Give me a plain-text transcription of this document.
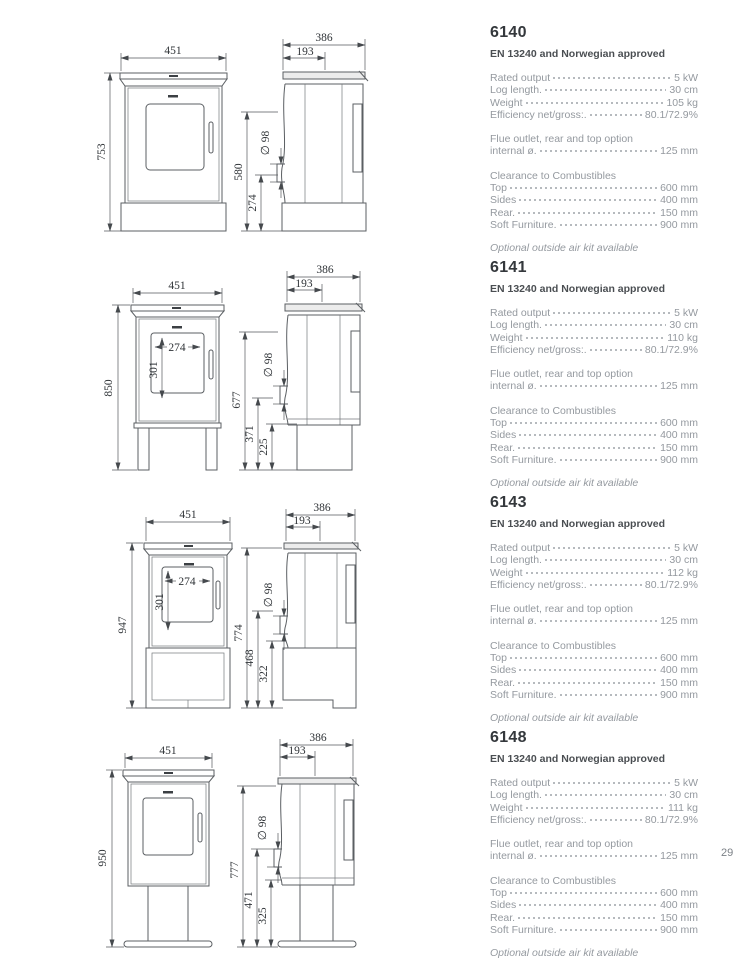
451
753
386
193
∅ 98
580
274
451
850
274
301
386
193
∅ 98
677
371
225
451
947
274
301
386
193
∅ 98
774
468
322
451
950
386
193
∅ 98
777
471
325
6140
EN 13240 and Norwegian approved
Rated output	5 kW
Log length.	30 cm
Weight	105 kg
Efficiency net/gross:.	80.1/72.9%
Flue outlet, rear and top option
internal ø.	125 mm
Clearance to Combustibles
Top	600 mm
Sides	400 mm
Rear.	150 mm
Soft Furniture.	900 mm
Optional outside air kit available
6141
EN 13240 and Norwegian approved
Rated output	5 kW
Log length.	30 cm
Weight	110 kg
Efficiency net/gross:.	80.1/72.9%
Flue outlet, rear and top option
internal ø.	125 mm
Clearance to Combustibles
Top	600 mm
Sides	400 mm
Rear.	150 mm
Soft Furniture.	900 mm
Optional outside air kit available
6143
EN 13240 and Norwegian approved
Rated output	5 kW
Log length.	30 cm
Weight	112 kg
Efficiency net/gross:.	80.1/72.9%
Flue outlet, rear and top option
internal ø.	125 mm
Clearance to Combustibles
Top	600 mm
Sides	400 mm
Rear.	150 mm
Soft Furniture.	900 mm
Optional outside air kit available
6148
EN 13240 and Norwegian approved
Rated output	5 kW
Log length.	30 cm
Weight	111 kg
Efficiency net/gross:.	80.1/72.9%
Flue outlet, rear and top option
internal ø.	125 mm
Clearance to Combustibles
Top	600 mm
Sides	400 mm
Rear.	150 mm
Soft Furniture.	900 mm
Optional outside air kit available
29
